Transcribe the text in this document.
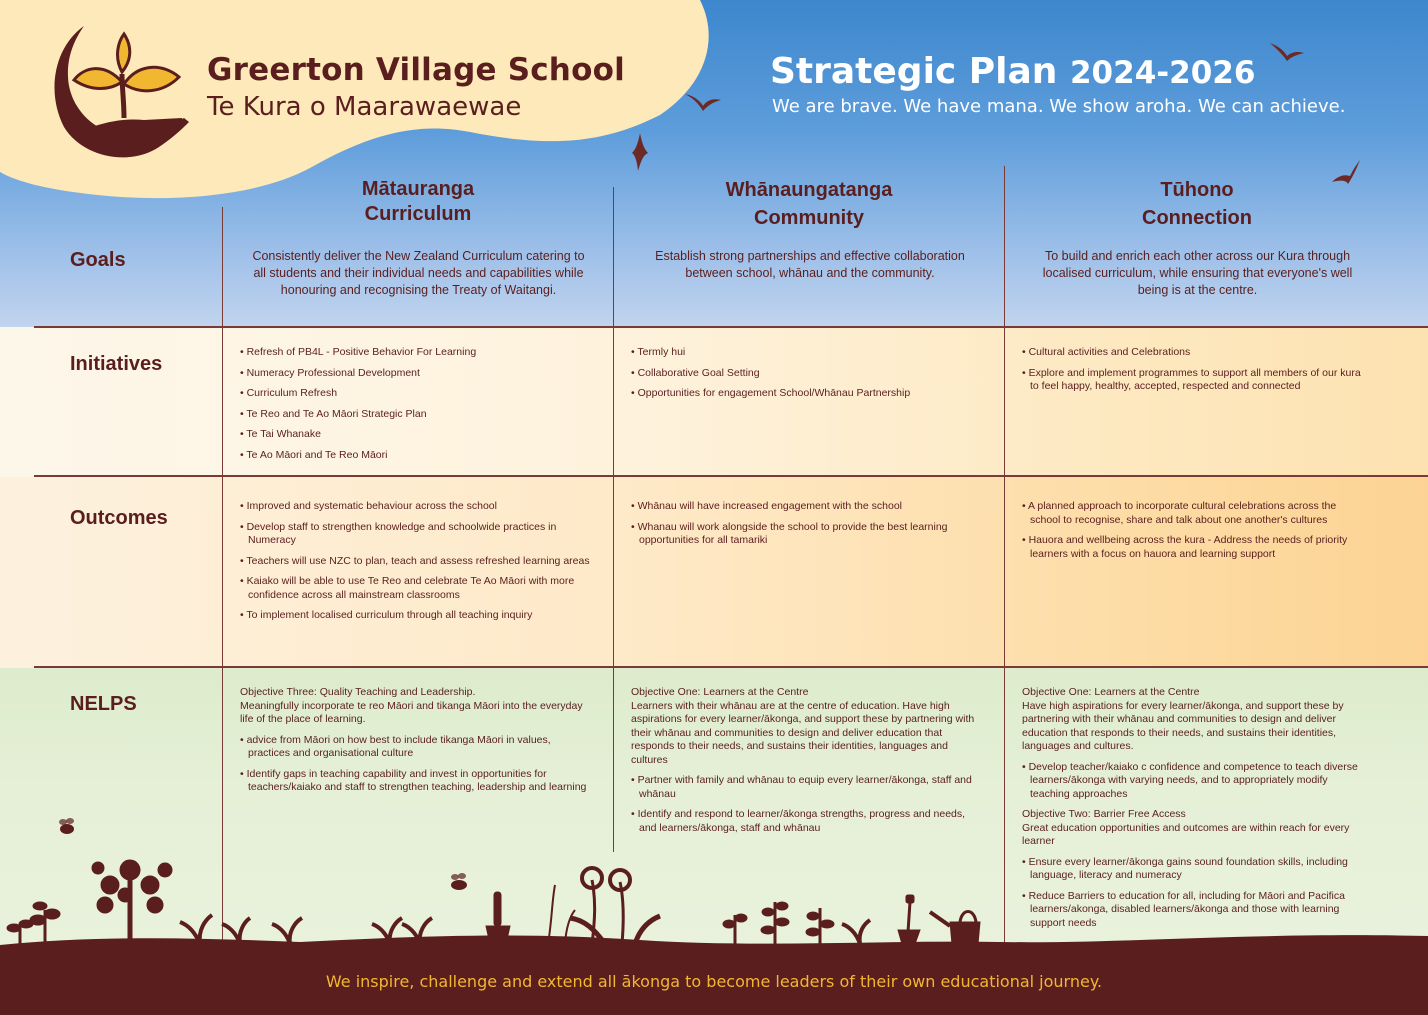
Greerton Village School
Te Kura o Maarawaewae
Strategic Plan 2024-2026
We are brave. We have mana. We show aroha. We can achieve.
Mātauranga
Curriculum
Whānaungatanga
Community
Tūhono
Connection
Goals
Initiatives
Outcomes
NELPS
Consistently deliver the New Zealand Curriculum catering to all students and their individual needs and capabilities while honouring and recognising the Treaty of Waitangi.
Establish strong partnerships and effective collaboration between school, whānau and the community.
To build and enrich each other across our Kura through localised curriculum, while ensuring that everyone's well being is at the centre.
• Refresh of PB4L - Positive Behavior For Learning
• Numeracy Professional Development
• Curriculum Refresh
• Te Reo and Te Ao Māori Strategic Plan
• Te Tai Whanake
• Te Ao Māori and Te Reo Māori
• Termly hui
• Collaborative Goal Setting
• Opportunities for engagement School/Whānau Partnership
• Cultural activities and Celebrations
• Explore and implement programmes to support all members of our kura to feel happy, healthy, accepted, respected and connected
• Improved and systematic behaviour across the school
• Develop staff to strengthen knowledge and schoolwide practices in Numeracy
• Teachers will use NZC to plan, teach and assess refreshed learning areas
• Kaiako will be able to use Te Reo and celebrate Te Ao Māori with more confidence across all mainstream classrooms
• To implement localised curriculum through all teaching inquiry
• Whānau will have increased engagement with the school
• Whanau will work alongside the school to provide the best learning opportunities for all tamariki
• A planned approach to incorporate cultural celebrations across the school to recognise, share and talk about one another's cultures
• Hauora and wellbeing across the kura - Address the needs of priority learners with a focus on hauora and learning support
Objective Three: Quality Teaching and Leadership.

Meaningfully incorporate te reo Māori and tikanga Māori into the everyday life of the place of learning.

• advice from Māori on how best to include tikanga Māori in values, practices and organisational culture
• Identify gaps in teaching capability and invest in opportunities for teachers/kaiako and staff to strengthen teaching, leadership and learning
Objective One: Learners at the Centre

Learners with their whānau are at the centre of education. Have high aspirations for every learner/ākonga, and support these by partnering with their whānau and communities to design and deliver education that responds to their needs, and sustains their identities, languages and cultures

• Partner with family and whānau to equip every learner/ākonga, staff and whānau
• Identify and respond to learner/ākonga strengths, progress and needs, and learners/ākonga, staff and whānau
Objective One: Learners at the Centre

Have high aspirations for every learner/ākonga, and support these by partnering with their whānau and communities to design and deliver education that responds to their needs, and sustains their identities, languages and cultures.

• Develop teacher/kaiako c confidence and competence to teach diverse learners/ākonga with varying needs, and to appropriately modify teaching approaches
Objective Two: Barrier Free Access

Great education opportunities and outcomes are within reach for every learner

• Ensure every learner/ākonga gains sound foundation skills, including language, literacy and numeracy
• Reduce Barriers to education for all, including for Māori and Pacifica learners/akonga, disabled learners/ākonga and those with learning support needs
We inspire, challenge and extend all ākonga to become leaders of their own educational journey.
